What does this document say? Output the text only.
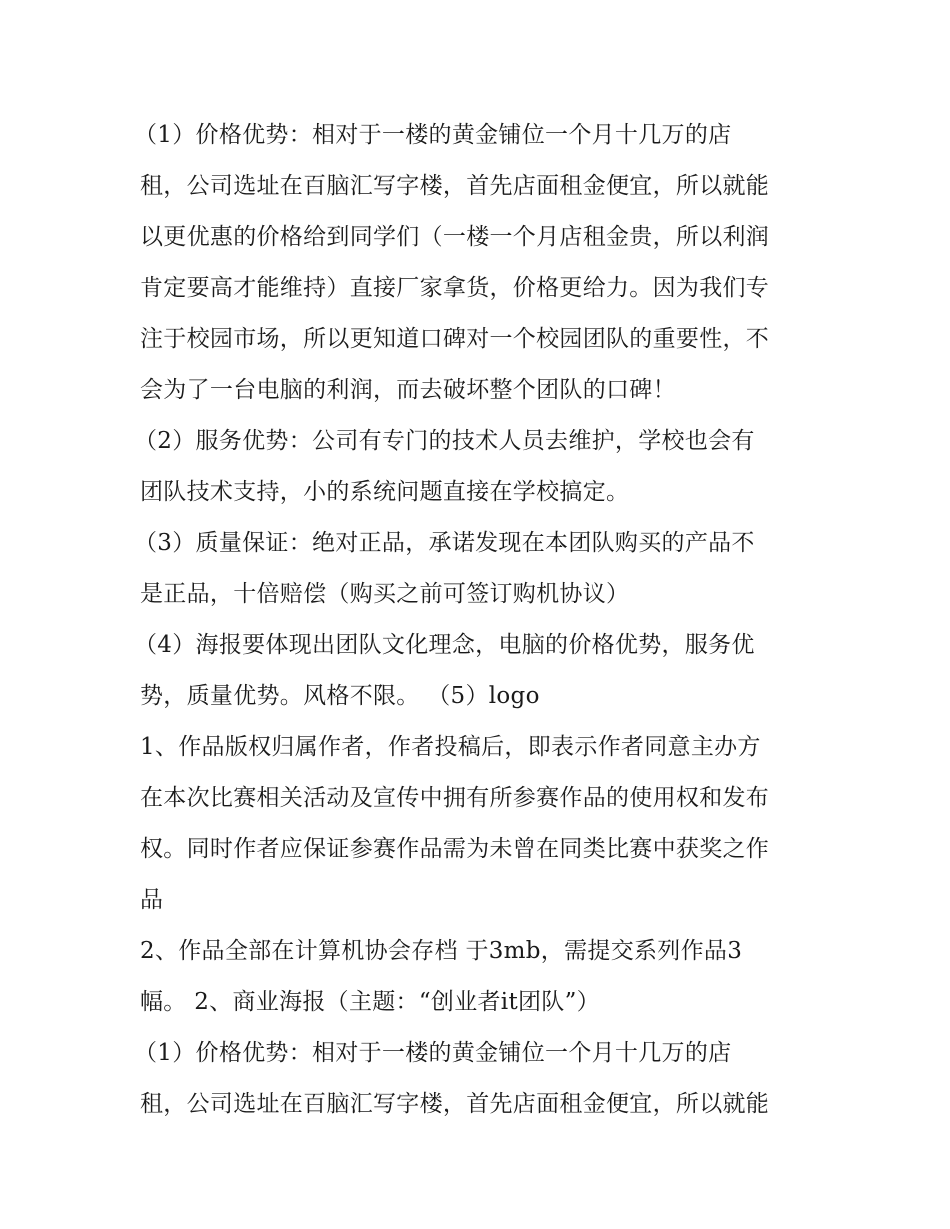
（1）价格优势：相对于一楼的黄金铺位一个月十几万的店
租，公司选址在百脑汇写字楼，首先店面租金便宜，所以就能
以更优惠的价格给到同学们（一楼一个月店租金贵，所以利润
肯定要高才能维持）直接厂家拿货，价格更给力。因为我们专
注于校园市场，所以更知道口碑对一个校园团队的重要性，不
会为了一台电脑的利润，而去破坏整个团队的口碑！
（2）服务优势：公司有专门的技术人员去维护，学校也会有
团队技术支持，小的系统问题直接在学校搞定。
（3）质量保证：绝对正品，承诺发现在本团队购买的产品不
是正品，十倍赔偿（购买之前可签订购机协议）
（4）海报要体现出团队文化理念，电脑的价格优势，服务优
势，质量优势。风格不限。 （5）logo
1、作品版权归属作者，作者投稿后，即表示作者同意主办方
在本次比赛相关活动及宣传中拥有所参赛作品的使用权和发布
权。同时作者应保证参赛作品需为未曾在同类比赛中获奖之作
品
2、作品全部在计算机协会存档 于3mb，需提交系列作品3
幅。 2、商业海报（主题：“创业者it团队”）
（1）价格优势：相对于一楼的黄金铺位一个月十几万的店
租，公司选址在百脑汇写字楼，首先店面租金便宜，所以就能
